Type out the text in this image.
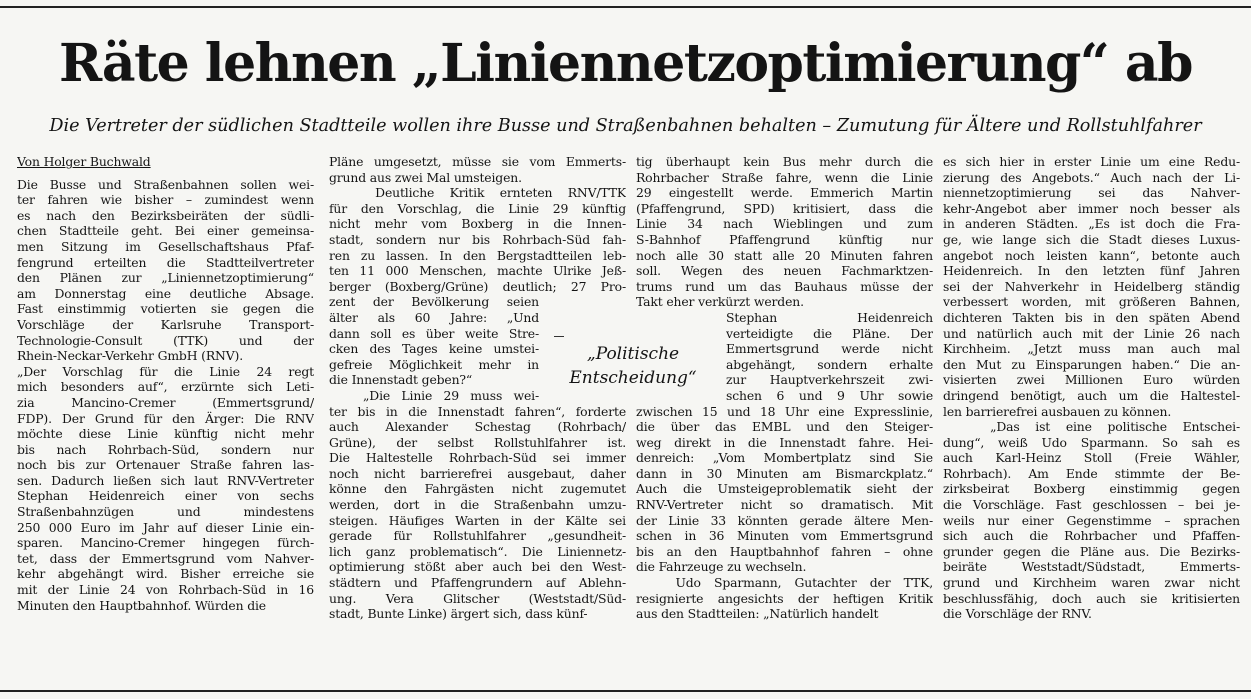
Räte lehnen „Liniennetzoptimierung“ ab

Die Vertreter der südlichen Stadtteile wollen ihre Busse und Straßenbahnen behalten – Zumutung für Ältere und Rollstuhlfahrer

Von Holger Buchwald
Die Busse und Straßenbahnen sollen wei-
ter fahren wie bisher – zumindest wenn
es nach den Bezirksbeiräten der südli-
chen Stadtteile geht. Bei einer gemeinsa-
men Sitzung im Gesellschaftshaus Pfaf-
fengrund erteilten die Stadtteilvertreter
den Plänen zur „Liniennetzoptimierung“
am Donnerstag eine deutliche Absage.
Fast einstimmig votierten sie gegen die
Vorschläge der Karlsruhe Transport-
Technologie-Consult (TTK) und der
Rhein-Neckar-Verkehr GmbH (RNV).
„Der Vorschlag für die Linie 24 regt
mich besonders auf“, erzürnte sich Leti-
zia Mancino-Cremer (Emmertsgrund/
FDP). Der Grund für den Ärger: Die RNV
möchte diese Linie künftig nicht mehr
bis nach Rohrbach-Süd, sondern nur
noch bis zur Ortenauer Straße fahren las-
sen. Dadurch ließen sich laut RNV-Vertreter
Stephan Heidenreich einer von sechs
Straßenbahnzügen und mindestens
250 000 Euro im Jahr auf dieser Linie ein-
sparen. Mancino-Cremer hingegen fürch-
tet, dass der Emmertsgrund vom Nahver-
kehr abgehängt wird. Bisher erreiche sie
mit der Linie 24 von Rohrbach-Süd in 16
Minuten den Hauptbahnhof. Würden die
Pläne umgesetzt, müsse sie vom Emmerts-
grund aus zwei Mal umsteigen.
Deutliche Kritik ernteten RNV/TTK
für den Vorschlag, die Linie 29 künftig
nicht mehr vom Boxberg in die Innen-
stadt, sondern nur bis Rohrbach-Süd fah-
ren zu lassen. In den Bergstadtteilen leb-
ten 11 000 Menschen, machte Ulrike Jeß-
berger (Boxberg/Grüne) deutlich; 27 Pro-
zent der Bevölkerung seien
älter als 60 Jahre: „Und
dann soll es über weite Stre-
cken des Tages keine umstei-
gefreie Möglichkeit mehr in
die Innenstadt geben?“
„Die Linie 29 muss wei-
ter bis in die Innenstadt fahren“, forderte
auch Alexander Schestag (Rohrbach/
Grüne), der selbst Rollstuhlfahrer ist.
Die Haltestelle Rohrbach-Süd sei immer
noch nicht barrierefrei ausgebaut, daher
könne den Fahrgästen nicht zugemutet
werden, dort in die Straßenbahn umzu-
steigen. Häufiges Warten in der Kälte sei
gerade für Rollstuhlfahrer „gesundheit-
lich ganz problematisch“. Die Liniennetz-
optimierung stößt aber auch bei den West-
städtern und Pfaffengrundern auf Ablehn-
ung. Vera Glitscher (Weststadt/Süd-
stadt, Bunte Linke) ärgert sich, dass künf-
tig überhaupt kein Bus mehr durch die
Rohrbacher Straße fahre, wenn die Linie
29 eingestellt werde. Emmerich Martin
(Pfaffengrund, SPD) kritisiert, dass die
Linie 34 nach Wieblingen und zum
S-Bahnhof Pfaffengrund künftig nur
noch alle 30 statt alle 20 Minuten fahren
soll. Wegen des neuen Fachmarktzen-
trums rund um das Bauhaus müsse der
Takt eher verkürzt werden.
Stephan Heidenreich
verteidigte die Pläne. Der
Emmertsgrund werde nicht
abgehängt, sondern erhalte
zur Hauptverkehrszeit zwi-
schen 6 und 9 Uhr sowie
zwischen 15 und 18 Uhr eine Expresslinie,
die über das EMBL und den Steiger-
weg direkt in die Innenstadt fahre. Hei-
denreich: „Vom Mombertplatz sind Sie
dann in 30 Minuten am Bismarckplatz.“
Auch die Umsteigeproblematik sieht der
RNV-Vertreter nicht so dramatisch. Mit
der Linie 33 könnten gerade ältere Men-
schen in 36 Minuten vom Emmertsgrund
bis an den Hauptbahnhof fahren – ohne
die Fahrzeuge zu wechseln.
Udo Sparmann, Gutachter der TTK,
resignierte angesichts der heftigen Kritik
aus den Stadtteilen: „Natürlich handelt
es sich hier in erster Linie um eine Redu-
zierung des Angebots.“ Auch nach der Li-
niennetzoptimierung sei das Nahver-
kehr-Angebot aber immer noch besser als
in anderen Städten. „Es ist doch die Fra-
ge, wie lange sich die Stadt dieses Luxus-
angebot noch leisten kann“, betonte auch
Heidenreich. In den letzten fünf Jahren
sei der Nahverkehr in Heidelberg ständig
verbessert worden, mit größeren Bahnen,
dichteren Takten bis in den späten Abend
und natürlich auch mit der Linie 26 nach
Kirchheim. „Jetzt muss man auch mal
den Mut zu Einsparungen haben.“ Die an-
visierten zwei Millionen Euro würden
dringend benötigt, auch um die Haltestel-
len barrierefrei ausbauen zu können.
„Das ist eine politische Entschei-
dung“, weiß Udo Sparmann. So sah es
auch Karl-Heinz Stoll (Freie Wähler,
Rohrbach). Am Ende stimmte der Be-
zirksbeirat Boxberg einstimmig gegen
die Vorschläge. Fast geschlossen – bei je-
weils nur einer Gegenstimme – sprachen
sich auch die Rohrbacher und Pfaffen-
grunder gegen die Pläne aus. Die Bezirks-
beiräte Weststadt/Südstadt, Emmerts-
grund und Kirchheim waren zwar nicht
beschlussfähig, doch auch sie kritisierten
die Vorschläge der RNV.
„Politische
Entscheidung“
